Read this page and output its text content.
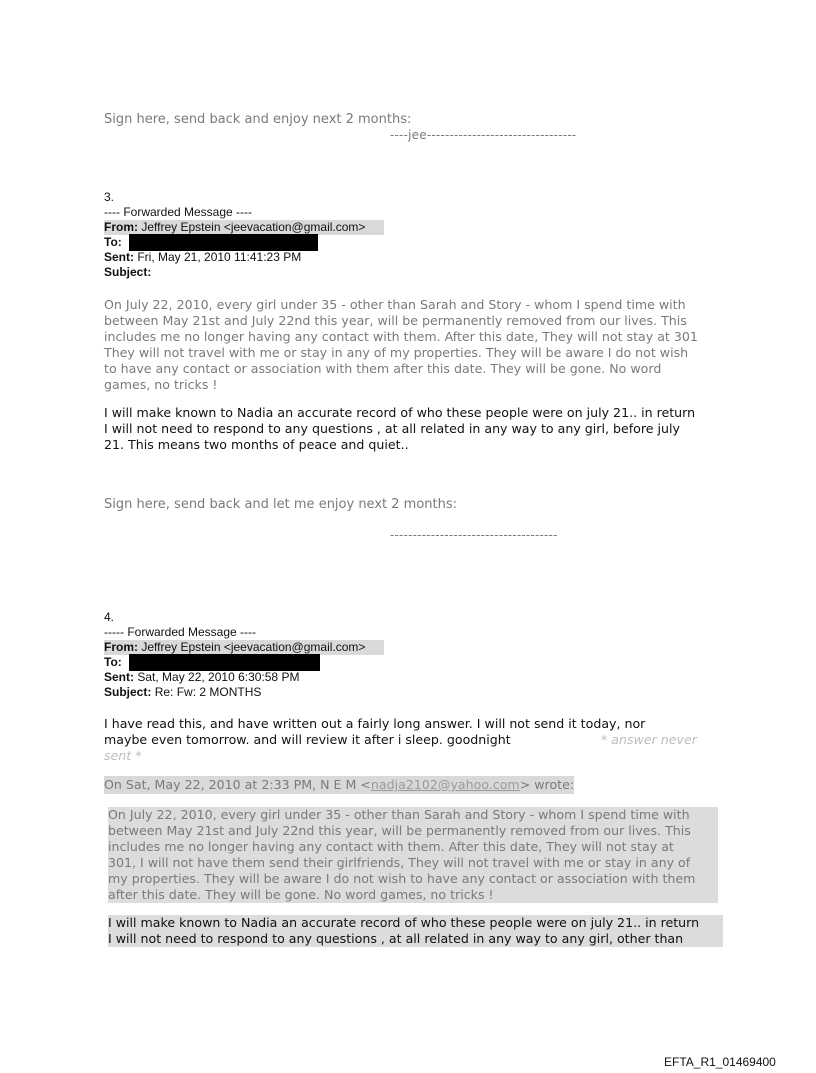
Sign here, send back and enjoy next 2 months:
----jee---------------------------------
3.
---- Forwarded Message ----
From: Jeffrey Epstein <jeevacation@gmail.com>
To:
Sent: Fri, May 21, 2010 11:41:23 PM
Subject:
On July 22, 2010, every girl under 35 - other than Sarah and Story - whom I spend time with
between May 21st and July 22nd this year, will be permanently removed from our lives. This
includes me no longer having any contact with them. After this date, They will not stay at 301
They will not travel with me or stay in any of my properties. They will be aware I do not wish
to have any contact or association with them after this date. They will be gone. No word
games, no tricks !
I will make known to Nadia an accurate record of who these people were on july 21.. in return
I will not need to respond to any questions , at all related in any way to any girl, before july
21. This means two months of peace and quiet..
Sign here, send back and let me enjoy next 2 months:
-------------------------------------
4.
----- Forwarded Message ----
From: Jeffrey Epstein <jeevacation@gmail.com>
To:
Sent: Sat, May 22, 2010 6:30:58 PM
Subject: Re: Fw: 2 MONTHS
I have read this, and have written out a fairly long answer. I will not send it today, nor
maybe even tomorrow. and will review it after i sleep. goodnight	* answer never
sent *
On Sat, May 22, 2010 at 2:33 PM, N E M <nadja2102@yahoo.com> wrote:
On July 22, 2010, every girl under 35 - other than Sarah and Story - whom I spend time with
between May 21st and July 22nd this year, will be permanently removed from our lives. This
includes me no longer having any contact with them. After this date, They will not stay at
301, I will not have them send their girlfriends, They will not travel with me or stay in any of
my properties. They will be aware I do not wish to have any contact or association with them
after this date. They will be gone. No word games, no tricks !
I will make known to Nadia an accurate record of who these people were on july 21.. in return
I will not need to respond to any questions , at all related in any way to any girl, other than
EFTA_R1_01469400
